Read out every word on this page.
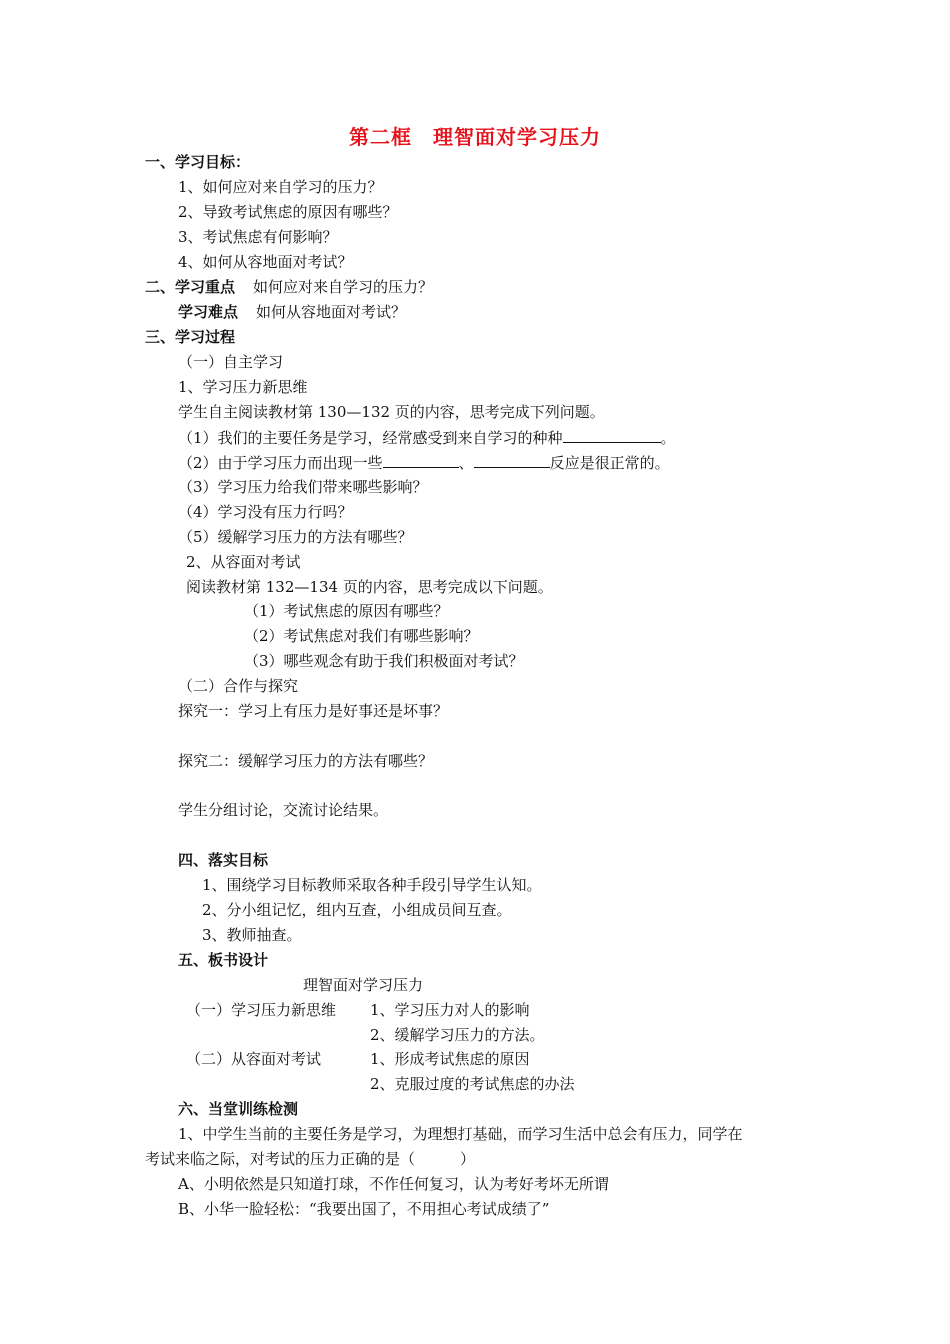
第二框　理智面对学习压力
一、学习目标：
1、如何应对来自学习的压力？
2、导致考试焦虑的原因有哪些？
3、考试焦虑有何影响？
4、如何从容地面对考试？
二、学习重点 如何应对来自学习的压力？
学习难点 如何从容地面对考试？
三、学习过程
（一）自主学习
1、学习压力新思维
学生自主阅读教材第 130—132 页的内容，思考完成下列问题。
（1）我们的主要任务是学习，经常感受到来自学习的种种	。
（2）由于学习压力而出现一些	、	反应是很正常的。
（3）学习压力给我们带来哪些影响？
（4）学习没有压力行吗？
（5）缓解学习压力的方法有哪些？
2、从容面对考试
阅读教材第 132—134 页的内容，思考完成以下问题。
（1）考试焦虑的原因有哪些？
（2）考试焦虑对我们有哪些影响？
（3）哪些观念有助于我们积极面对考试？
（二）合作与探究
探究一：学习上有压力是好事还是坏事？
探究二：缓解学习压力的方法有哪些？
学生分组讨论，交流讨论结果。
四、落实目标
1、围绕学习目标教师采取各种手段引导学生认知。
2、分小组记忆，组内互查，小组成员间互查。
3、教师抽查。
五、板书设计
理智面对学习压力
（一）学习压力新思维 1、学习压力对人的影响
2、缓解学习压力的方法。
（二）从容面对考试	1、形成考试焦虑的原因
2、克服过度的考试焦虑的办法
六、当堂训练检测
1、中学生当前的主要任务是学习，为理想打基础，而学习生活中总会有压力，同学在
考试来临之际，对考试的压力正确的是（　　　）
A、小明依然是只知道打球，不作任何复习，认为考好考坏无所谓
B、小华一脸轻松：“我要出国了，不用担心考试成绩了”
